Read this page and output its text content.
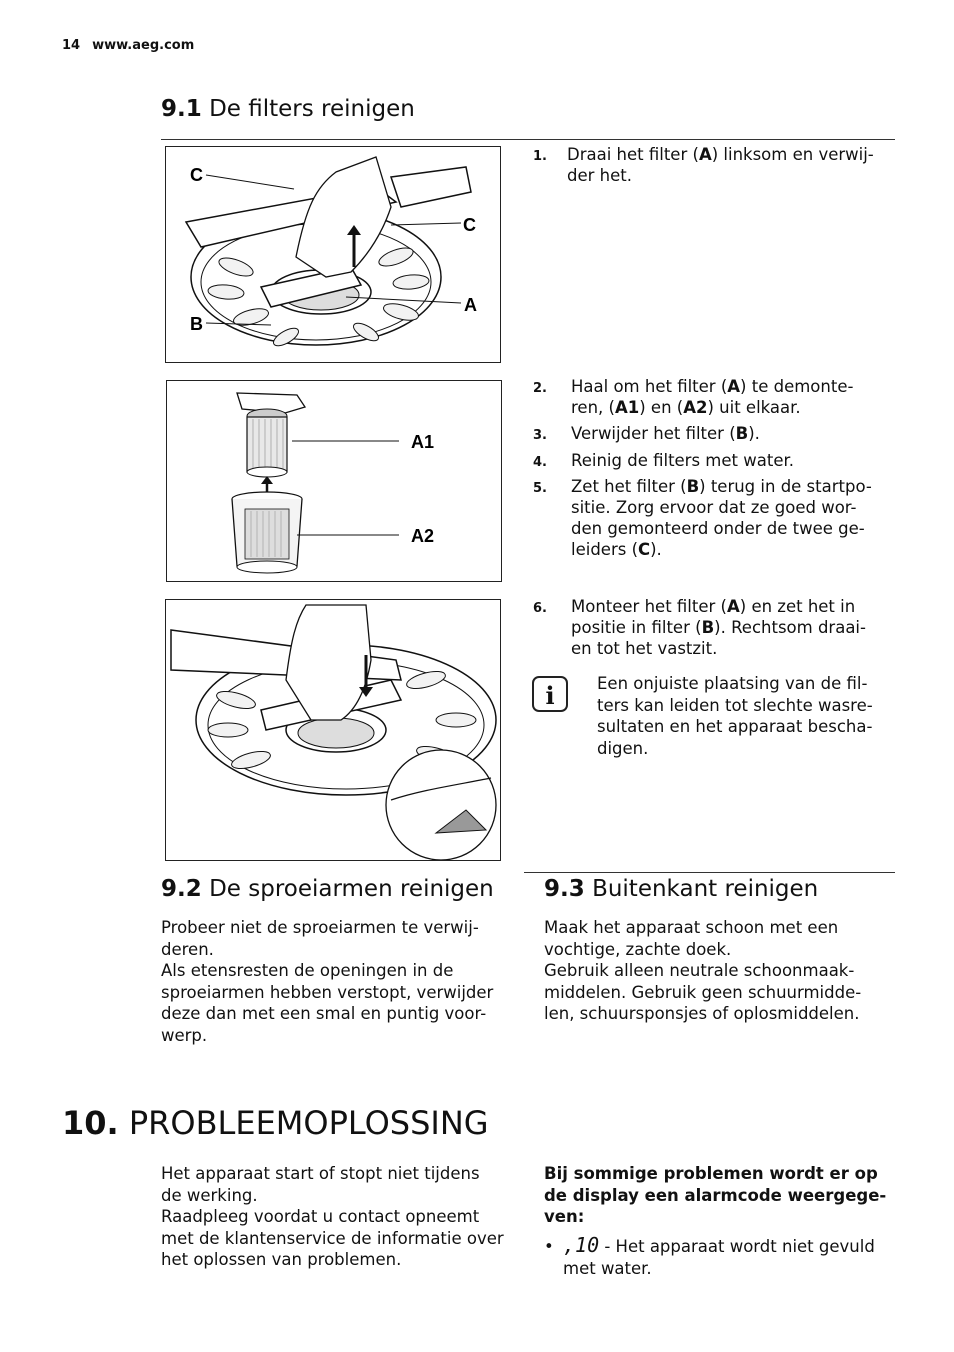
14 www.aeg.com
9.1 De filters reinigen
C
C
A
B
A1
A2
1. Draai het filter (A) linksom en verwij-
der het.
2. Haal om het filter (A) te demonte-
ren, (A1) en (A2) uit elkaar.
3. Verwijder het filter (B).
4. Reinig de filters met water.
5. Zet het filter (B) terug in de startpo-
sitie. Zorg ervoor dat ze goed wor-
den gemonteerd onder de twee ge-
leiders (C).
6. Monteer het filter (A) en zet het in
positie in filter (B). Rechtsom draai-
en tot het vastzit.
i	Een onjuiste plaatsing van de fil-
ters kan leiden tot slechte wasre-
sultaten en het apparaat bescha-
digen.
9.2 De sproeiarmen reinigen
Probeer niet de sproeiarmen te verwij-
deren.
Als etensresten de openingen in de
sproeiarmen hebben verstopt, verwijder
deze dan met een smal en puntig voor-
werp.
9.3 Buitenkant reinigen
Maak het apparaat schoon met een
vochtige, zachte doek.
Gebruik alleen neutrale schoonmaak-
middelen. Gebruik geen schuurmidde-
len, schuursponsjes of oplosmiddelen.
10. PROBLEEMOPLOSSING
Het apparaat start of stopt niet tijdens
de werking.
Raadpleeg voordat u contact opneemt
met de klantenservice de informatie over
het oplossen van problemen.
Bij sommige problemen wordt er op
de display een alarmcode weergege-
ven:
• ,10 - Het apparaat wordt niet gevuld
met water.
